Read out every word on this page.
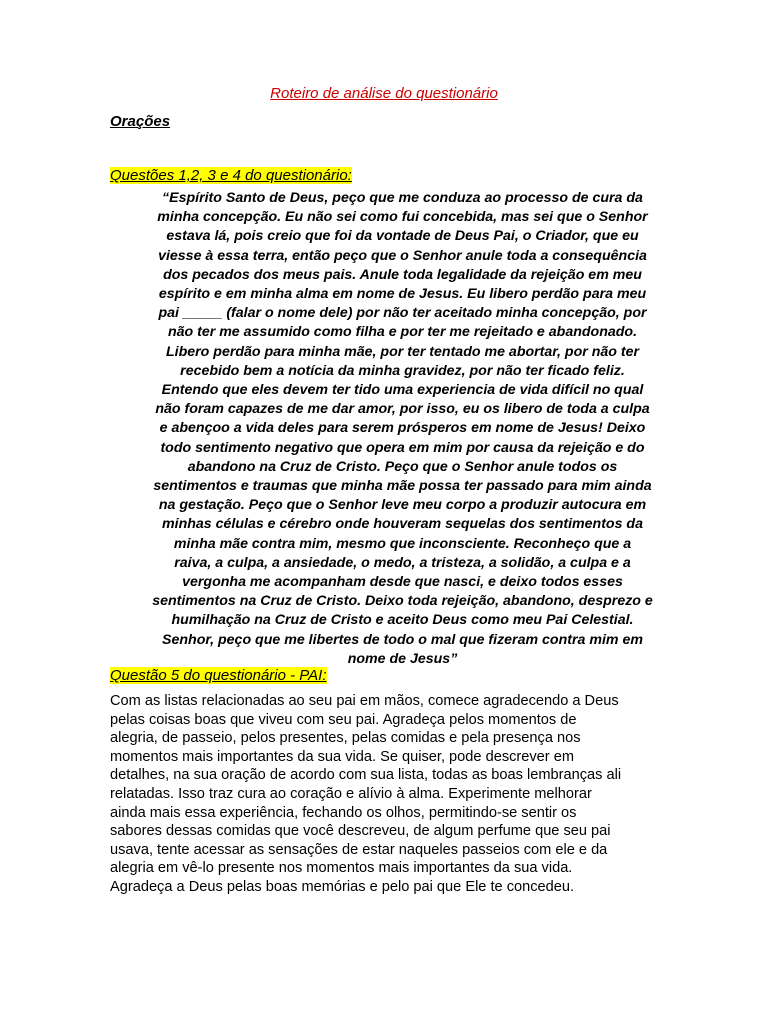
Roteiro de análise do questionário
Orações
Questões 1,2, 3 e 4 do questionário:
“Espírito Santo de Deus, peço que me conduza ao processo de cura da
minha concepção. Eu não sei como fui concebida, mas sei que o Senhor
estava lá, pois creio que foi da vontade de Deus Pai, o Criador, que eu
viesse à essa terra, então peço que o Senhor anule toda a consequência
dos pecados dos meus pais. Anule toda legalidade da rejeição em meu
espírito e em minha alma em nome de Jesus. Eu libero perdão para meu
pai _____ (falar o nome dele) por não ter aceitado minha concepção, por
não ter me assumido como filha e por ter me rejeitado e abandonado.
Libero perdão para minha mãe, por ter tentado me abortar, por não ter
recebido bem a notícia da minha gravidez, por não ter ficado feliz.
Entendo que eles devem ter tido uma experiencia de vida difícil no qual
não foram capazes de me dar amor, por isso, eu os libero de toda a culpa
e abençoo a vida deles para serem prósperos em nome de Jesus! Deixo
todo sentimento negativo que opera em mim por causa da rejeição e do
abandono na Cruz de Cristo. Peço que o Senhor anule todos os
sentimentos e traumas que minha mãe possa ter passado para mim ainda
na gestação. Peço que o Senhor leve meu corpo a produzir autocura em
minhas células e cérebro onde houveram sequelas dos sentimentos da
minha mãe contra mim, mesmo que inconsciente. Reconheço que a
raiva, a culpa, a ansiedade, o medo, a tristeza, a solidão, a culpa e a
vergonha me acompanham desde que nasci, e deixo todos esses
sentimentos na Cruz de Cristo. Deixo toda rejeição, abandono, desprezo e
humilhação na Cruz de Cristo e aceito Deus como meu Pai Celestial.
Senhor, peço que me libertes de todo o mal que fizeram contra mim em
nome de Jesus”
Questão 5 do questionário - PAI:
Com as listas relacionadas ao seu pai em mãos, comece agradecendo a Deus
pelas coisas boas que viveu com seu pai. Agradeça pelos momentos de
alegria, de passeio, pelos presentes, pelas comidas e pela presença nos
momentos mais importantes da sua vida. Se quiser, pode descrever em
detalhes, na sua oração de acordo com sua lista, todas as boas lembranças ali
relatadas. Isso traz cura ao coração e alívio à alma. Experimente melhorar
ainda mais essa experiência, fechando os olhos, permitindo-se sentir os
sabores dessas comidas que você descreveu, de algum perfume que seu pai
usava, tente acessar as sensações de estar naqueles passeios com ele e da
alegria em vê-lo presente nos momentos mais importantes da sua vida.
Agradeça a Deus pelas boas memórias e pelo pai que Ele te concedeu.
